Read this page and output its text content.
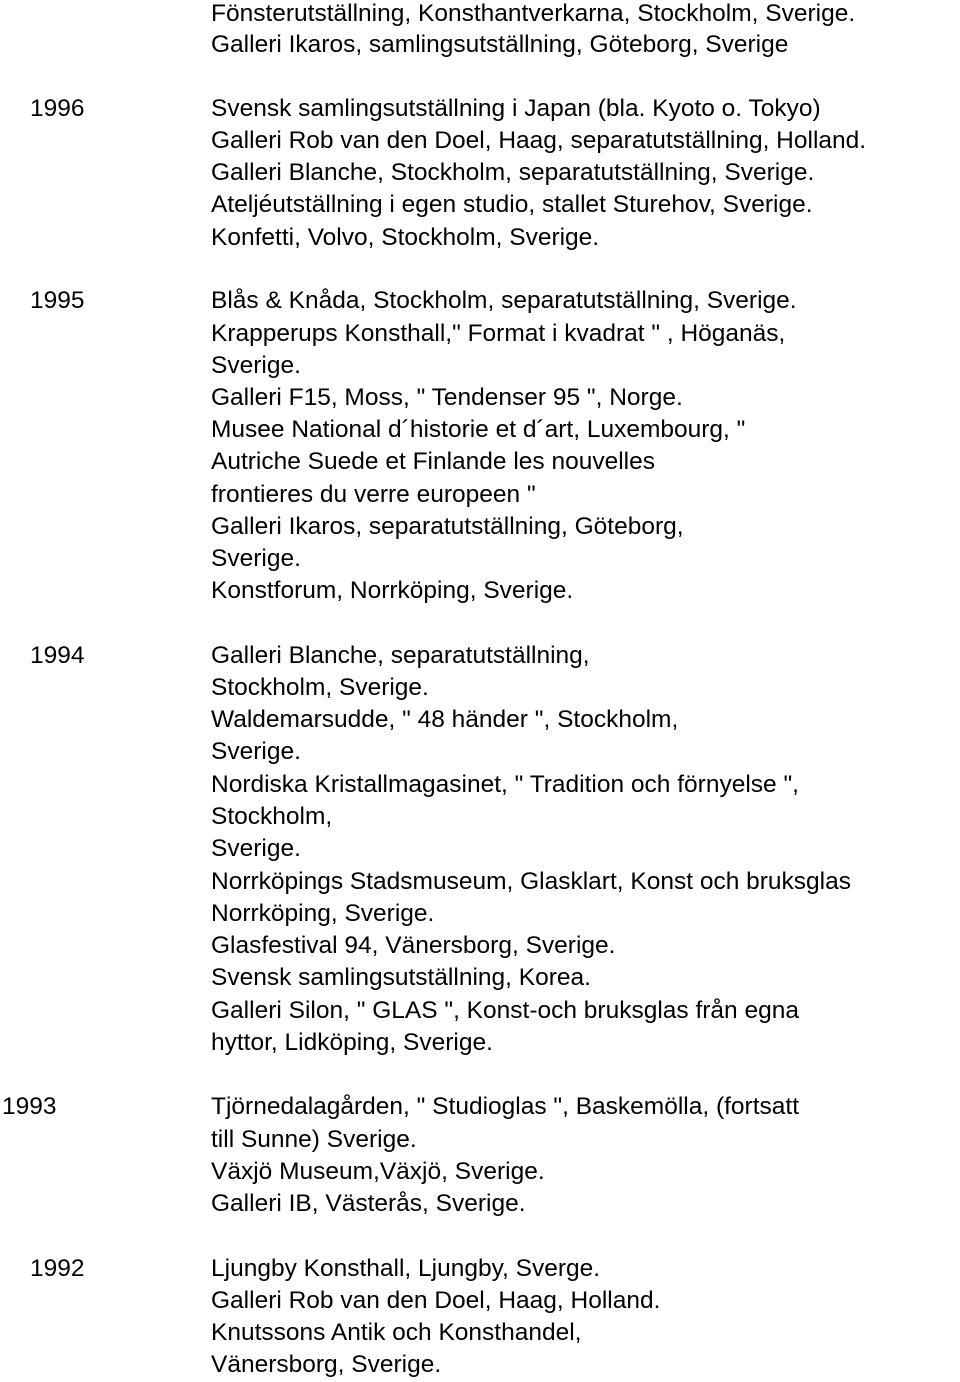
Fönsterutställning, Konsthantverkarna, Stockholm, Sverige.
Galleri Ikaros, samlingsutställning, Göteborg, Sverige
1996	Svensk samlingsutställning i Japan (bla. Kyoto o. Tokyo)
Galleri Rob van den Doel, Haag, separatutställning, Holland.
Galleri Blanche, Stockholm, separatutställning, Sverige.
Ateljéutställning i egen studio, stallet Sturehov, Sverige.
Konfetti, Volvo, Stockholm, Sverige.
1995	Blås & Knåda, Stockholm, separatutställning, Sverige.
Krapperups Konsthall," Format i kvadrat " , Höganäs,
Sverige.
Galleri F15, Moss, " Tendenser 95 ", Norge.
Musee National d´historie et d´art, Luxembourg, "
Autriche Suede et Finlande les nouvelles
frontieres du verre europeen "
Galleri Ikaros, separatutställning, Göteborg,
Sverige.
Konstforum, Norrköping, Sverige.
1994	Galleri Blanche, separatutställning,
Stockholm, Sverige.
Waldemarsudde, " 48 händer ", Stockholm,
Sverige.
Nordiska Kristallmagasinet, " Tradition och förnyelse ",
Stockholm,
Sverige.
Norrköpings Stadsmuseum, Glasklart, Konst och bruksglas
Norrköping, Sverige.
Glasfestival 94, Vänersborg, Sverige.
Svensk samlingsutställning, Korea.
Galleri Silon, " GLAS ", Konst-och bruksglas från egna
hyttor, Lidköping, Sverige.
1993	Tjörnedalagården, " Studioglas ", Baskemölla, (fortsatt
till Sunne) Sverige.
Växjö Museum,Växjö, Sverige.
Galleri IB, Västerås, Sverige.
1992	Ljungby Konsthall, Ljungby, Sverge.
Galleri Rob van den Doel, Haag, Holland.
Knutssons Antik och Konsthandel,
Vänersborg, Sverige.
